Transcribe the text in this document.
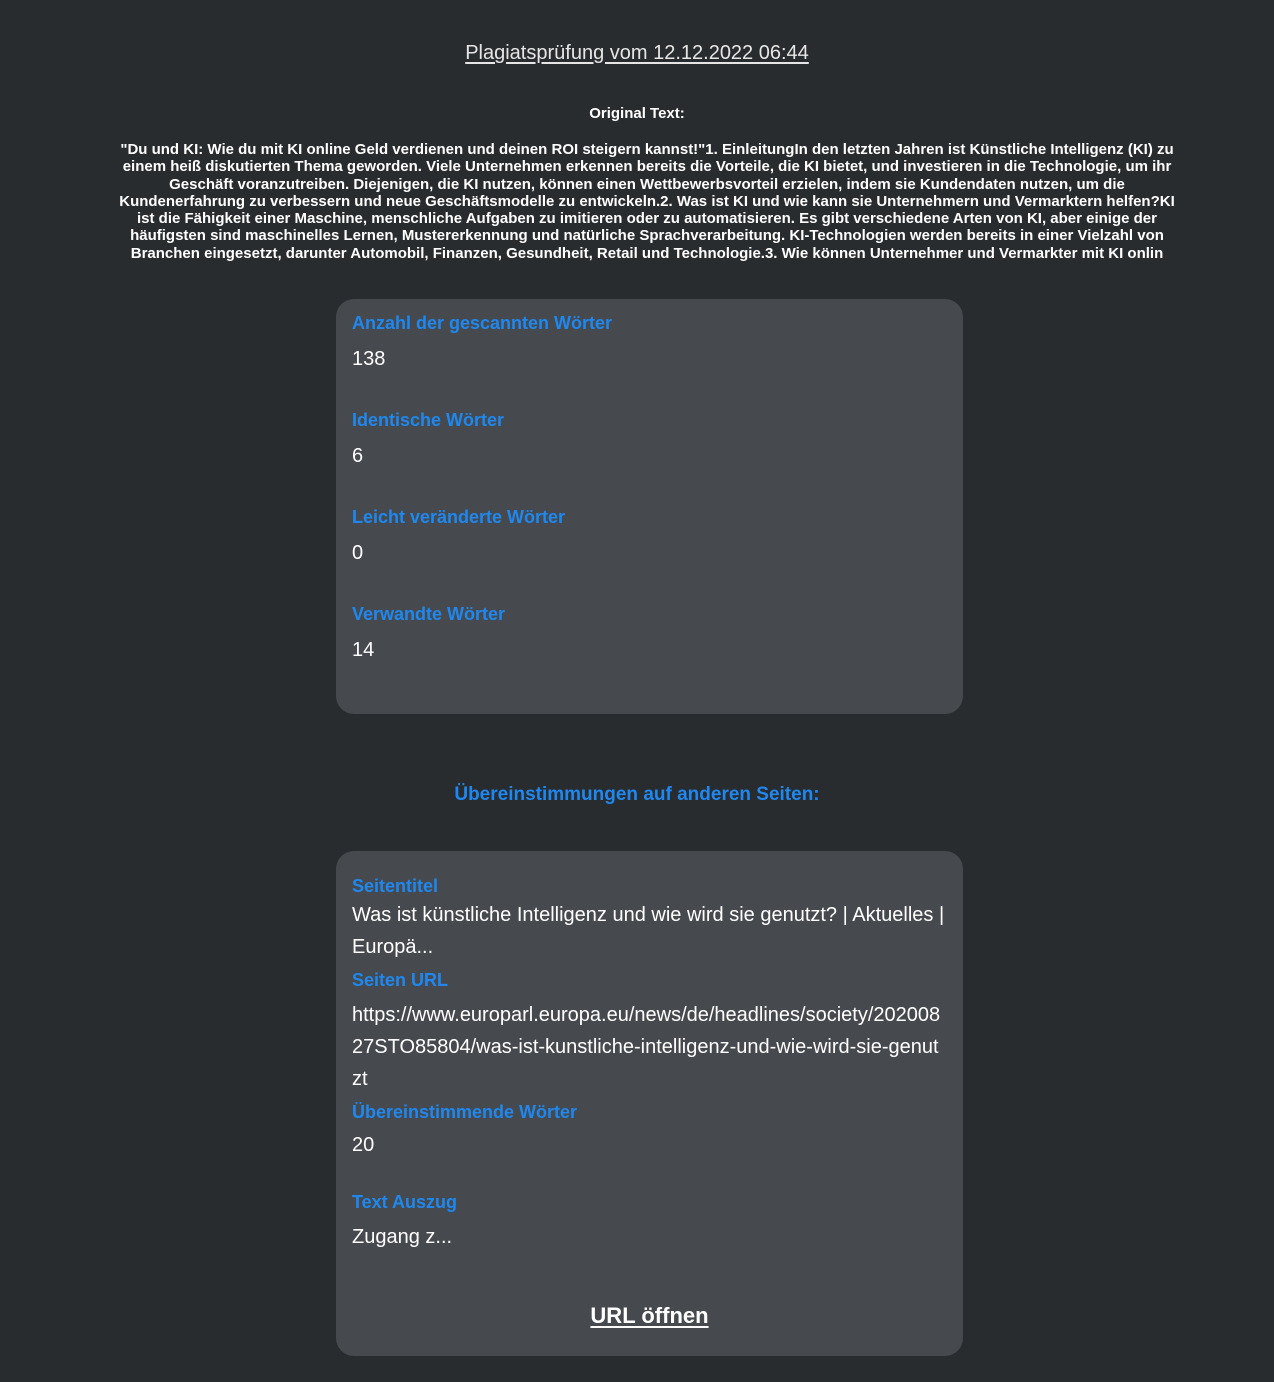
Plagiatsprüfung vom 12.12.2022 06:44
Original Text:
"Du und KI: Wie du mit KI online Geld verdienen und deinen ROI steigern kannst!"1. EinleitungIn den letzten Jahren ist Künstliche Intelligenz (KI) zu einem heiß diskutierten Thema geworden. Viele Unternehmen erkennen bereits die Vorteile, die KI bietet, und investieren in die Technologie, um ihr Geschäft voranzutreiben. Diejenigen, die KI nutzen, können einen Wettbewerbsvorteil erzielen, indem sie Kundendaten nutzen, um die Kundenerfahrung zu verbessern und neue Geschäftsmodelle zu entwickeln.2. Was ist KI und wie kann sie Unternehmern und Vermarktern helfen?KI ist die Fähigkeit einer Maschine, menschliche Aufgaben zu imitieren oder zu automatisieren. Es gibt verschiedene Arten von KI, aber einige der häufigsten sind maschinelles Lernen, Mustererkennung und natürliche Sprachverarbeitung. KI-Technologien werden bereits in einer Vielzahl von Branchen eingesetzt, darunter Automobil, Finanzen, Gesundheit, Retail und Technologie.3. Wie können Unternehmer und Vermarkter mit KI onlin
Anzahl der gescannten Wörter
138
Identische Wörter
6
Leicht veränderte Wörter
0
Verwandte Wörter
14
Übereinstimmungen auf anderen Seiten:
Seitentitel
Was ist künstliche Intelligenz und wie wird sie genutzt? | Aktuelles | Europä...
Seiten URL
https://www.europarl.europa.eu/news/de/headlines/society/20200827STO85804/was-ist-kunstliche-intelligenz-und-wie-wird-sie-genutzt
Übereinstimmende Wörter
20
Text Auszug
Zugang z...
URL öffnen
